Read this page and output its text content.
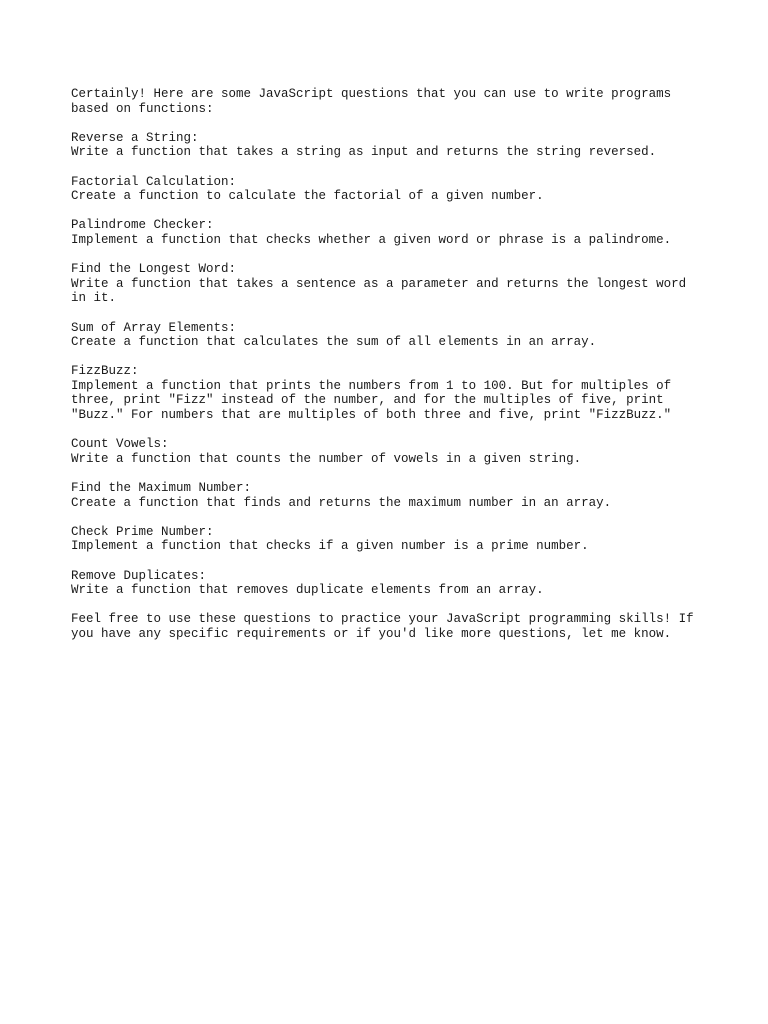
Certainly! Here are some JavaScript questions that you can use to write programs
based on functions:

Reverse a String:
Write a function that takes a string as input and returns the string reversed.
Factorial Calculation:
Create a function to calculate the factorial of a given number.
Palindrome Checker:
Implement a function that checks whether a given word or phrase is a palindrome.
Find the Longest Word:
Write a function that takes a sentence as a parameter and returns the longest word
in it.
Sum of Array Elements:
Create a function that calculates the sum of all elements in an array.
FizzBuzz:
Implement a function that prints the numbers from 1 to 100. But for multiples of
three, print "Fizz" instead of the number, and for the multiples of five, print
"Buzz." For numbers that are multiples of both three and five, print "FizzBuzz."
Count Vowels:
Write a function that counts the number of vowels in a given string.
Find the Maximum Number:
Create a function that finds and returns the maximum number in an array.
Check Prime Number:
Implement a function that checks if a given number is a prime number.
Remove Duplicates:
Write a function that removes duplicate elements from an array.

Feel free to use these questions to practice your JavaScript programming skills! If
you have any specific requirements or if you'd like more questions, let me know.
